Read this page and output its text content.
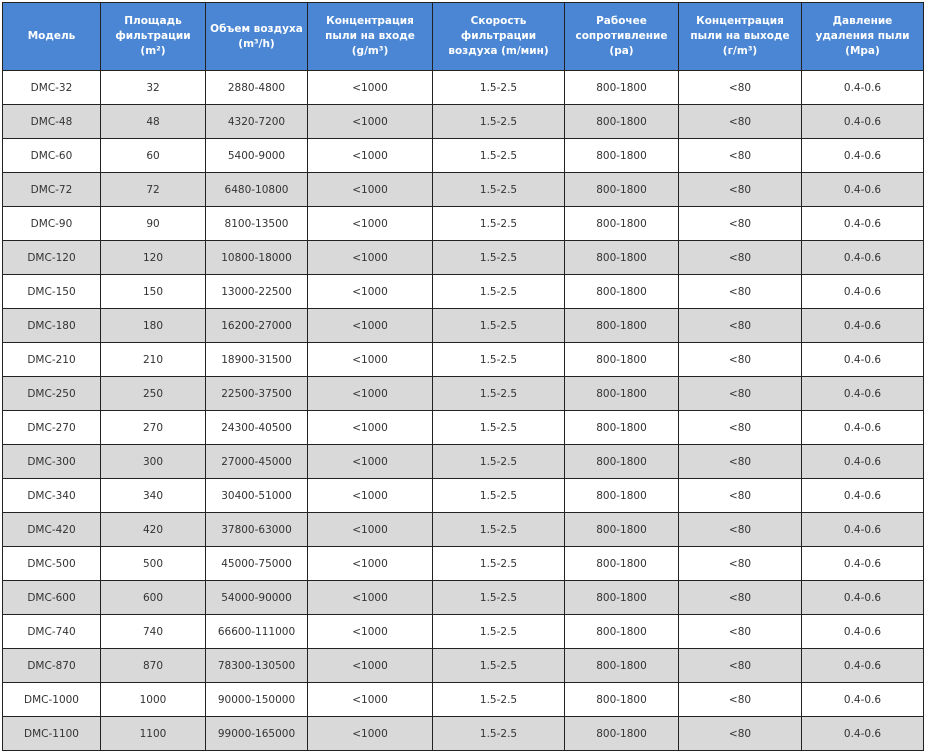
Модель	Площадь фильтрации (m²)	Объем воздуха (m³/h)	Концентрация пыли на входе (g/m³)	Скорость фильтрации воздуха (m/мин)	Рабочее сопротивление (pa)	Концентрация пыли на выходе (г/m³)	Давление удаления пыли (Mpa)
DMC-32	32	2880-4800	<1000	1.5-2.5	800-1800	<80	0.4-0.6
DMC-48	48	4320-7200	<1000	1.5-2.5	800-1800	<80	0.4-0.6
DMC-60	60	5400-9000	<1000	1.5-2.5	800-1800	<80	0.4-0.6
DMC-72	72	6480-10800	<1000	1.5-2.5	800-1800	<80	0.4-0.6
DMC-90	90	8100-13500	<1000	1.5-2.5	800-1800	<80	0.4-0.6
DMC-120	120	10800-18000	<1000	1.5-2.5	800-1800	<80	0.4-0.6
DMC-150	150	13000-22500	<1000	1.5-2.5	800-1800	<80	0.4-0.6
DMC-180	180	16200-27000	<1000	1.5-2.5	800-1800	<80	0.4-0.6
DMC-210	210	18900-31500	<1000	1.5-2.5	800-1800	<80	0.4-0.6
DMC-250	250	22500-37500	<1000	1.5-2.5	800-1800	<80	0.4-0.6
DMC-270	270	24300-40500	<1000	1.5-2.5	800-1800	<80	0.4-0.6
DMC-300	300	27000-45000	<1000	1.5-2.5	800-1800	<80	0.4-0.6
DMC-340	340	30400-51000	<1000	1.5-2.5	800-1800	<80	0.4-0.6
DMC-420	420	37800-63000	<1000	1.5-2.5	800-1800	<80	0.4-0.6
DMC-500	500	45000-75000	<1000	1.5-2.5	800-1800	<80	0.4-0.6
DMC-600	600	54000-90000	<1000	1.5-2.5	800-1800	<80	0.4-0.6
DMC-740	740	66600-111000	<1000	1.5-2.5	800-1800	<80	0.4-0.6
DMC-870	870	78300-130500	<1000	1.5-2.5	800-1800	<80	0.4-0.6
DMC-1000	1000	90000-150000	<1000	1.5-2.5	800-1800	<80	0.4-0.6
DMC-1100	1100	99000-165000	<1000	1.5-2.5	800-1800	<80	0.4-0.6
